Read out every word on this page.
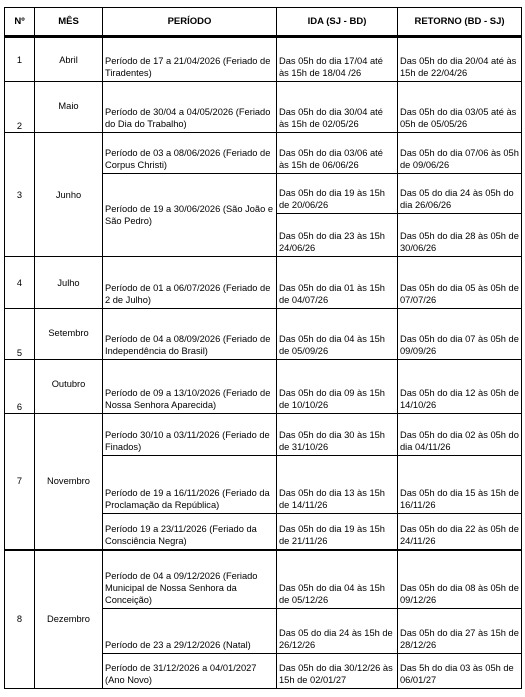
Nº	MÊS	PERÍODO	IDA (SJ - BD)	RETORNO (BD - SJ)
1	Abril	Período de 17 a 21/04/2026 (Feriado de Tiradentes)	Das 05h do dia 17/04 até às 15h de 18/04 /26	Das 05h do dia 20/04 até às 15h de 22/04/26
2	Maio	Período de 30/04 a 04/05/2026 (Feriado do Dia do Trabalho)	Das 05h do dia 30/04 até às 15h de 02/05/26	Das 05h do dia 03/05 até às 05h de 05/05/26
3	Junho	Período de 03 a 08/06/2026 (Feriado de Corpus Christi)	Das 05h do dia 03/06 até às 15h de 06/06/26	Das 05h do dia 07/06 às 05h de 09/06/26
		Período de 19 a 30/06/2026 (São João e São Pedro)	Das 05h do dia 19 às 15h de 20/06/26	Das 05 do dia 24 às 05h do dia 26/06/26
			Das 05h do dia 23 às 15h 24/06/26	Das 05h do dia 28 às 05h de 30/06/26
4	Julho	Período de 01 a 06/07/2026 (Feriado de 2 de Julho)	Das 05h do dia 01 às 15h de 04/07/26	Das 05h do dia 05 às 05h de 07/07/26
5	Setembro	Período de 04 a 08/09/2026 (Feriado de Independência do Brasil)	Das 05h do dia 04 às 15h de 05/09/26	Das 05h do dia 07 às 05h de 09/09/26
6	Outubro	Período de 09 a 13/10/2026 (Feriado de Nossa Senhora Aparecida)	Das 05h do dia 09 às 15h de 10/10/26	Das 05h do dia 12 às 05h de 14/10/26
7	Novembro	Período 30/10 a 03/11/2026 (Feriado de Finados)	Das 05h do dia 30 às 15h de 31/10/26	Das 05h do dia 02 às 05h do dia 04/11/26
		Período de 19 a 16/11/2026 (Feriado da Proclamação da República)	Das 05h do dia 13 às 15h de 14/11/26	Das 05h do dia 15 às 15h de 16/11/26
		Período 19 a 23/11/2026 (Feriado da Consciência Negra)	Das 05h do dia 19 às 15h de 21/11/26	Das 05h do dia 22 às 05h de 24/11/26
8	Dezembro	Período de 04 a 09/12/2026 (Feriado Municipal de Nossa Senhora da Conceição)	Das 05h do dia 04 às 15h de 05/12/26	Das 05h do dia 08 às 05h de 09/12/26
		Período de 23 a 29/12/2026 (Natal)	Das 05 do dia 24 às 15h de 26/12/26	Das 05h do dia 27 às 15h de 28/12/26
		Período de 31/12/2026 a 04/01/2027 (Ano Novo)	Das 05h do dia 30/12/26 às 15h de 02/01/27	Das 5h do dia 03 às 05h de 06/01/27
